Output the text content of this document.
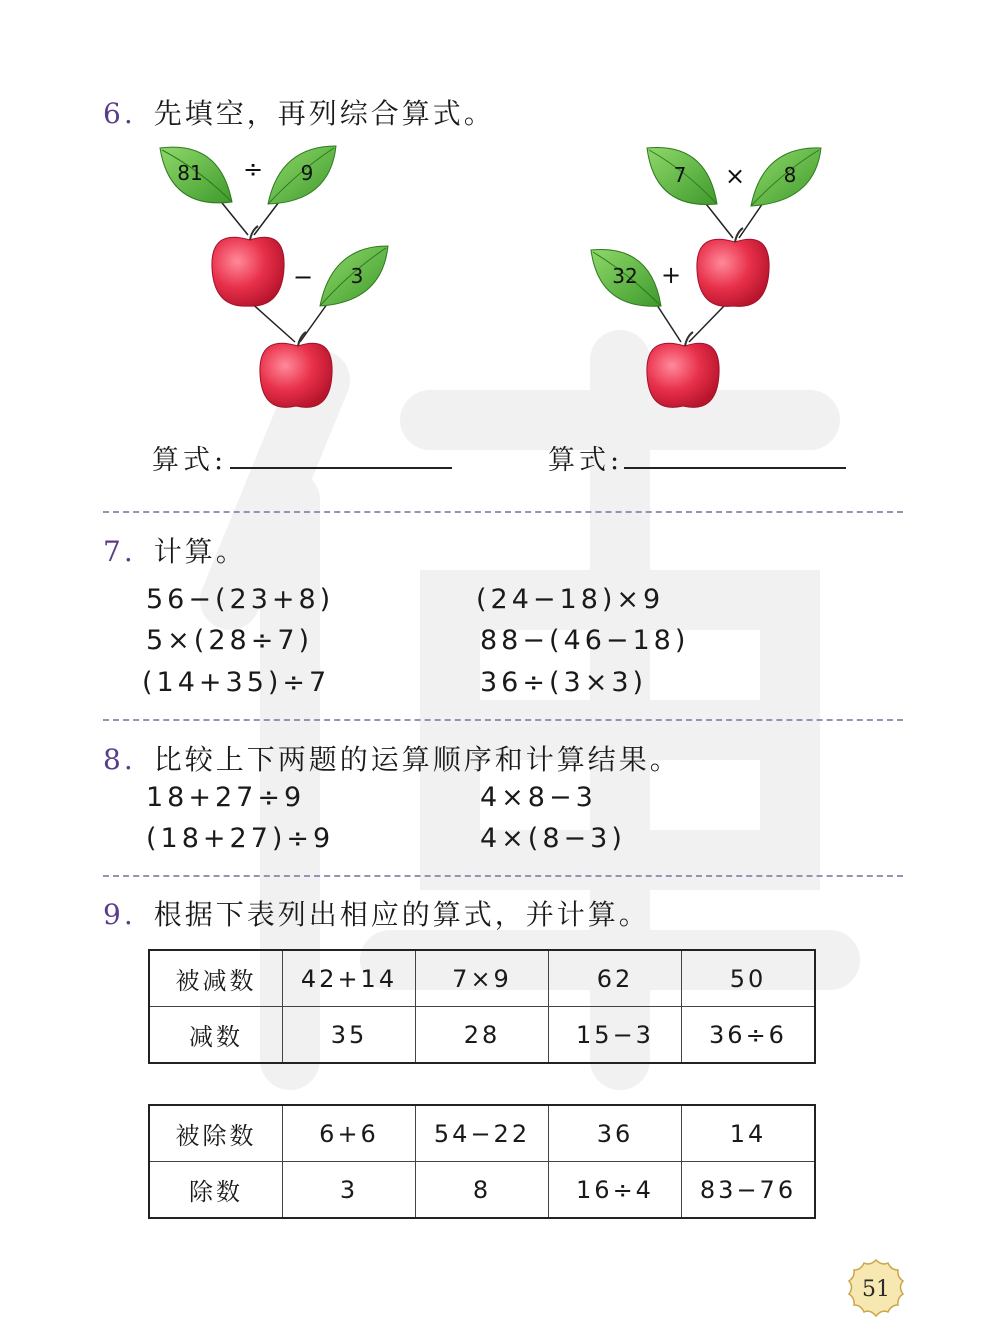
6. 先填空，再列综合算式。
81 ÷ 9
− 3
7 × 8
32 +
算式:	算式:
7. 计算。
56−(23+8)
5×(28÷7)
(14+35)÷7
(24−18)×9
88−(46−18)
36÷(3×3)
8. 比较上下两题的运算顺序和计算结果。
18+27÷9
(18+27)÷9
4×8−3
4×(8−3)
9. 根据下表列出相应的算式，并计算。
被减数	42+14	7×9	62	50
减数	35	28	15−3	36÷6
被除数	6+6	54−22	36	14
除数	3	8	16÷4	83−76
51
